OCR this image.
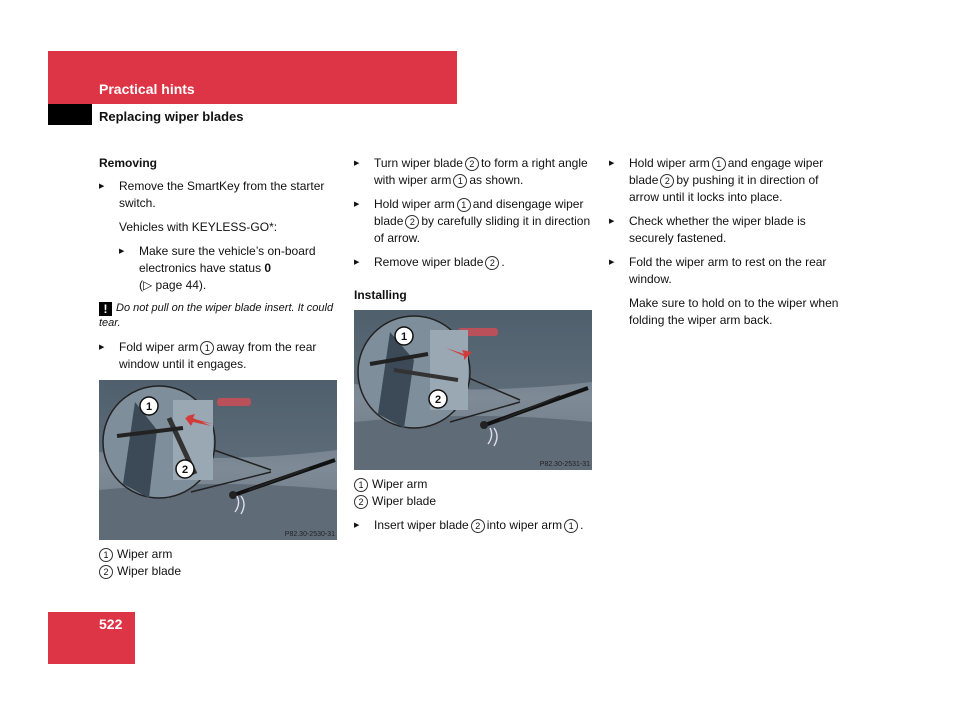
Practical hints
Replacing wiper blades
Removing
▶ Remove the SmartKey from the starter switch.
Vehicles with KEYLESS-GO*:
▶ Make sure the vehicle’s on-board electronics have status 0
(▷ page 44).
! Do not pull on the wiper blade insert. It could tear.
▶ Fold wiper arm 1 away from the rear window until it engages.
1
2
P82.30-2530-31
1 Wiper arm
2 Wiper blade
▶ Turn wiper blade 2 to form a right angle with wiper arm 1 as shown.
▶ Hold wiper arm 1 and disengage wiper blade 2 by carefully sliding it in direction of arrow.
▶ Remove wiper blade 2 .
Installing
1
2
P82.30-2531-31
1 Wiper arm
2 Wiper blade
▶ Insert wiper blade 2 into wiper arm 1 .
▶ Hold wiper arm 1 and engage wiper blade 2 by pushing it in direction of arrow until it locks into place.
▶ Check whether the wiper blade is securely fastened.
▶ Fold the wiper arm to rest on the rear window.
Make sure to hold on to the wiper when folding the wiper arm back.
522
